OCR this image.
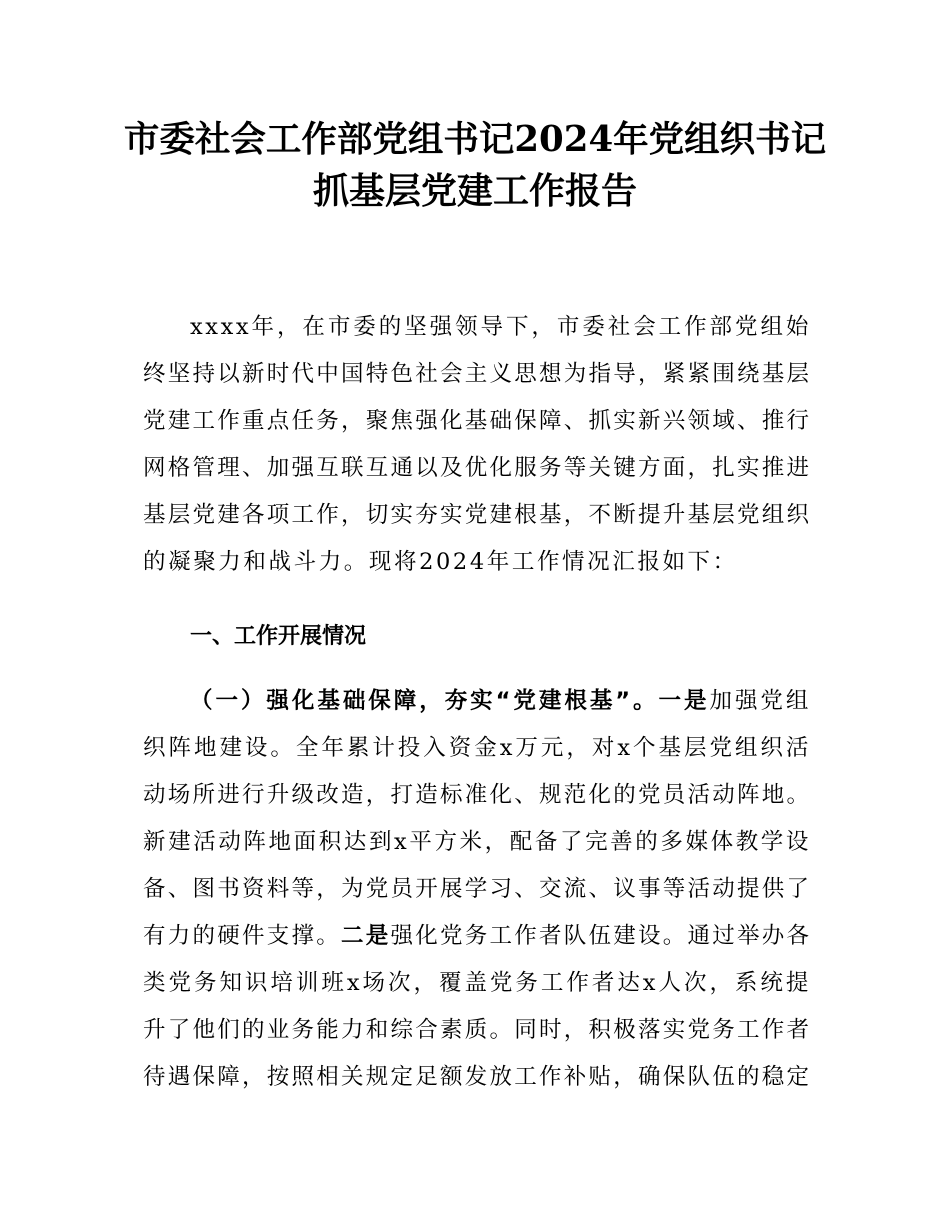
市委社会工作部党组书记2024年党组织书记
抓基层党建工作报告
xxxx年，在市委的坚强领导下，市委社会工作部党组始
终坚持以新时代中国特色社会主义思想为指导，紧紧围绕基层
党建工作重点任务，聚焦强化基础保障、抓实新兴领域、推行
网格管理、加强互联互通以及优化服务等关键方面，扎实推进
基层党建各项工作，切实夯实党建根基，不断提升基层党组织
的凝聚力和战斗力。现将2024年工作情况汇报如下：
一、工作开展情况
（一）强化基础保障，夯实“党建根基”。一是加强党组
织阵地建设。全年累计投入资金x万元，对x个基层党组织活
动场所进行升级改造，打造标准化、规范化的党员活动阵地。
新建活动阵地面积达到x平方米，配备了完善的多媒体教学设
备、图书资料等，为党员开展学习、交流、议事等活动提供了
有力的硬件支撑。二是强化党务工作者队伍建设。通过举办各
类党务知识培训班x场次，覆盖党务工作者达x人次，系统提
升了他们的业务能力和综合素质。同时，积极落实党务工作者
待遇保障，按照相关规定足额发放工作补贴，确保队伍的稳定
